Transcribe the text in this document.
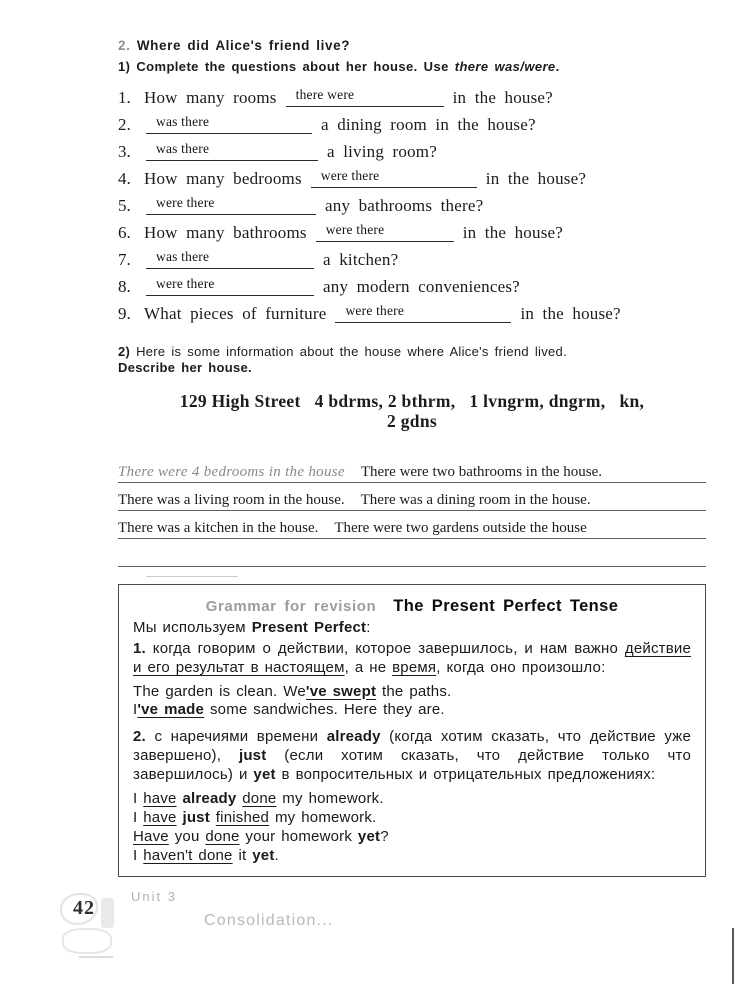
2. Where did Alice's friend live?
1) Complete the questions about her house. Use there was/were.
1. How many rooms there were	in the house?
2.	was there	a dining room in the house?
3.	was there	a living room?
4. How many bedrooms were there	in the house?
5.	were there	any bathrooms there?
6. How many bathrooms were there	in the house?
7.	was there	a kitchen?
8.	were there	any modern conveniences?
9. What pieces of furniture were there	in the house?
2) Here is some information about the house where Alice's friend lived.
Describe her house.
129 High Street   4 bdrms, 2 bthrm,   1 lvngrm, dngrm,   kn,
2 gdns
There were 4 bedrooms in the house There were two bathrooms in the house.
There was a living room in the house. There was a dining room in the house.
There was a kitchen in the house. There were two gardens outside the house
Grammar for revision The Present Perfect Tense
Мы используем Present Perfect:
1. когда говорим о действии, которое завершилось, и нам важно действие и его результат в настоящем, а не время, когда оно произошло:
The garden is clean. We've swept the paths.
I've made some sandwiches. Here they are.
2. с наречиями времени already (когда хотим сказать, что действие уже завершено), just (если хотим сказать, что действие только что завершилось) и yet в вопросительных и отрицательных предложениях:
I have already done my homework.
I have just finished my homework.
Have you done your homework yet?
I haven't done it yet.
Unit 3
42
Consolidation...
